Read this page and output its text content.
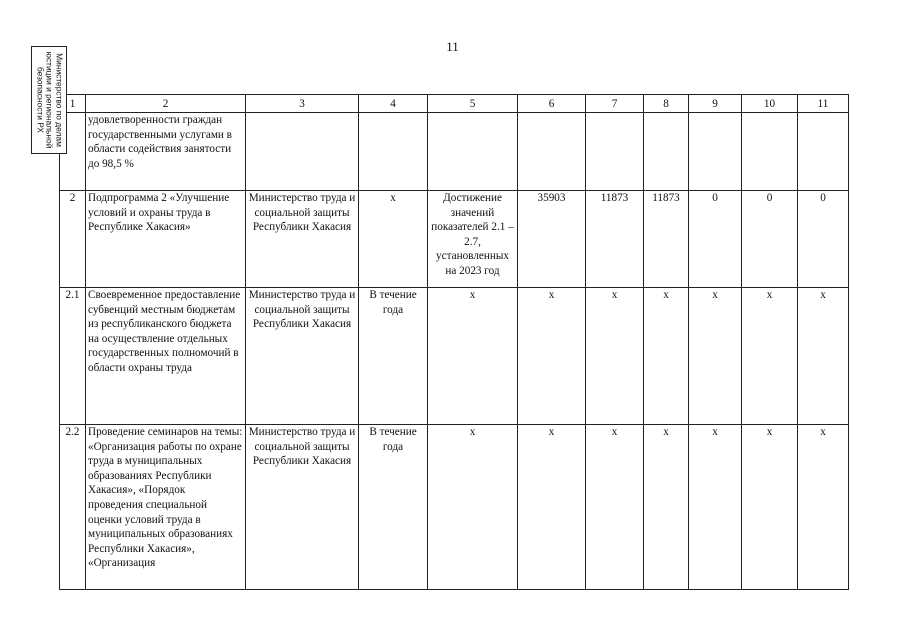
11
Министерство по делам
юстиции и региональной
безопасности РХ 1	2	3	4	5	6	7	8	9	10	11
	удовлетворенности граждан государственными услугами в области содействия занятости до 98,5 %									
2	Подпрограмма 2 «Улучшение условий и охраны труда в Республике Хакасия»	Министерство труда и социальной защиты Республики Хакасия	х	Достижение значений показателей 2.1 –2.7, установленных на 2023 год	35903	11873	11873	0	0	0
2.1	Своевременное предоставление субвенций местным бюджетам из республиканского бюджета на осуществление отдельных государственных полномочий в области охраны труда	Министерство труда и социальной защиты Республики Хакасия	В течение года	х	х	х	х	х	х	х
2.2	Проведение семинаров на темы: «Организация работы по охране труда в муниципальных образованиях Республики Хакасия», «Порядок проведения специальной оценки условий труда в муниципальных образованиях Республики Хакасия», «Организация	Министерство труда и социальной защиты Республики Хакасия	В течение года	х	х	х	х	х	х	х
